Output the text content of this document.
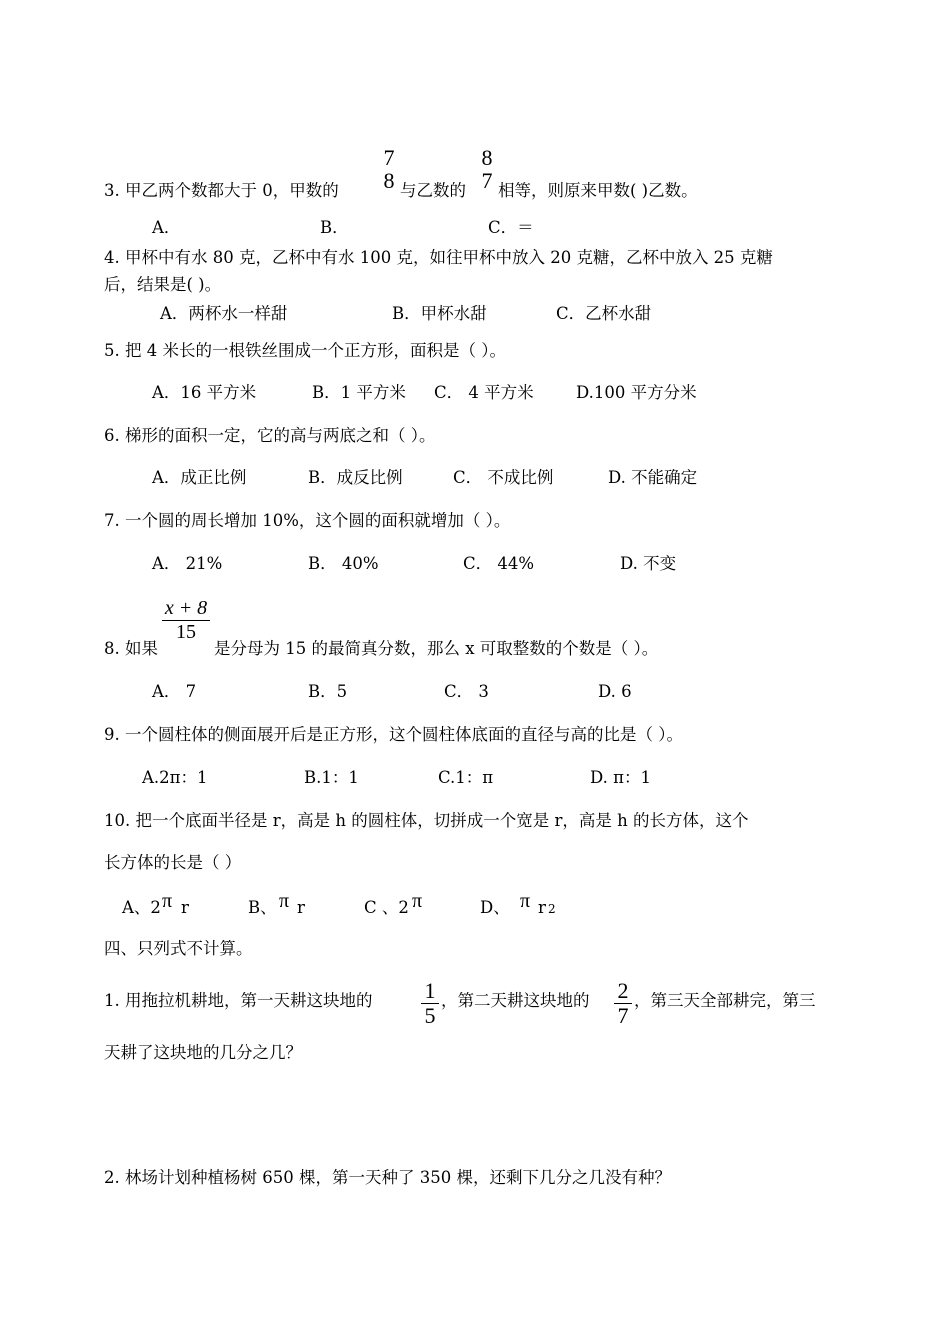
7
8
8
7
3. 甲乙两个数都大于 0，甲数的	与乙数的 相等，则原来甲数( )乙数。
A．	B．	C．＝
4. 甲杯中有水 80 克，乙杯中有水 100 克，如往甲杯中放入 20 克糖，乙杯中放入 25 克糖
后，结果是( )。
A．两杯水一样甜	B．甲杯水甜	C．乙杯水甜
5. 把 4 米长的一根铁丝围成一个正方形，面积是（ ）。
A．16 平方米	B．1 平方米 C． 4 平方米	D.100 平方分米
6. 梯形的面积一定，它的高与两底之和（ ）。
A．成正比例	B．成反比例	C． 不成比例	D. 不能确定
7. 一个圆的周长增加 10%，这个圆的面积就增加（ ）。
A． 21%	B． 40%	C． 44%	D. 不变
x + 8
15
8. 如果	是分母为 15 的最简真分数，那么 x 可取整数的个数是（ ）。
A． 7	B．5	C． 3	D. 6
9. 一个圆柱体的侧面展开后是正方形，这个圆柱体底面的直径与高的比是（ ）。
A.2π：1	B.1：1	C.1：π	D. π：1
10. 把一个底面半径是 r，高是 h 的圆柱体，切拼成一个宽是 r，高是 h 的长方体，这个
长方体的长是（ ）
A、2 π r	B、 π r	C 、2 π	D、 π r 2
四、只列式不计算。
1. 用拖拉机耕地，第一天耕这块地的 1
5
，第二天耕这块地的 2
7
，第三天全部耕完，第三
天耕了这块地的几分之几？
2. 林场计划种植杨树 650 棵，第一天种了 350 棵，还剩下几分之几没有种？
